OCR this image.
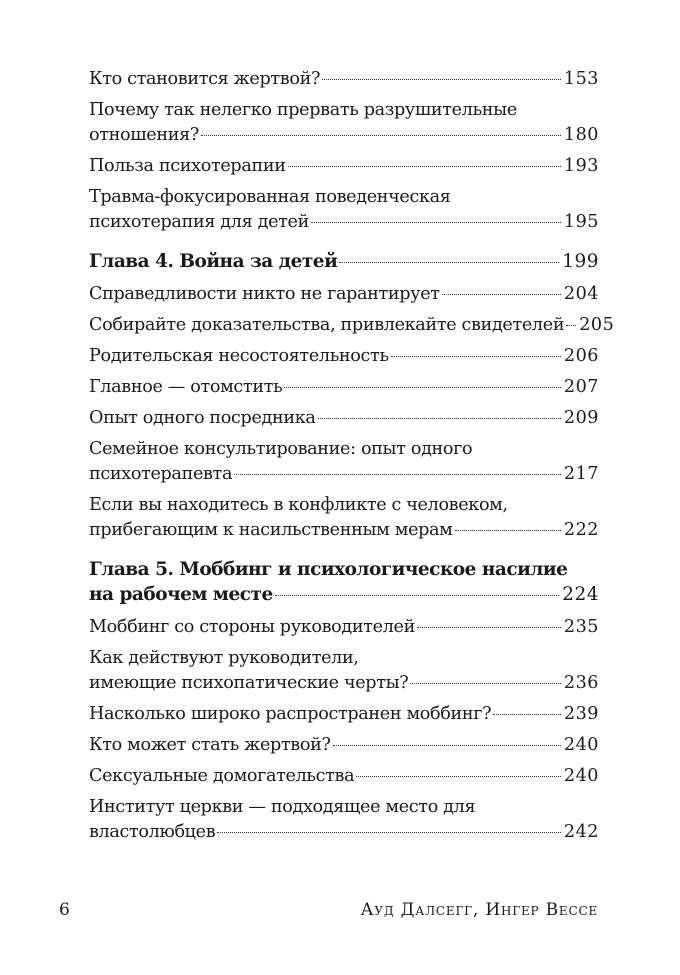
Кто становится жертвой?	153
Почему так нелегко прервать разрушительные
отношения?	180
Польза психотерапии	193
Травма-фокусированная поведенческая
психотерапия для детей	195
Глава 4. Война за детей	199
Справедливости никто не гарантирует	204
Собирайте доказательства, привлекайте свидетелей 205
Родительская несостоятельность	206
Главное — отомстить	207
Опыт одного посредника	209
Семейное консультирование: опыт одного
психотерапевта	217
Если вы находитесь в конфликте с человеком,
прибегающим к насильственным мерам	222
Глава 5. Моббинг и психологическое насилие
на рабочем месте	224
Моббинг со стороны руководителей	235
Как действуют руководители,
имеющие психопатические черты?	236
Насколько широко распространен моббинг?	239
Кто может стать жертвой?	240
Сексуальные домогательства	240
Институт церкви — подходящее место для
властолюбцев	242
6	Ауд Далсегг, Ингер Вессе
